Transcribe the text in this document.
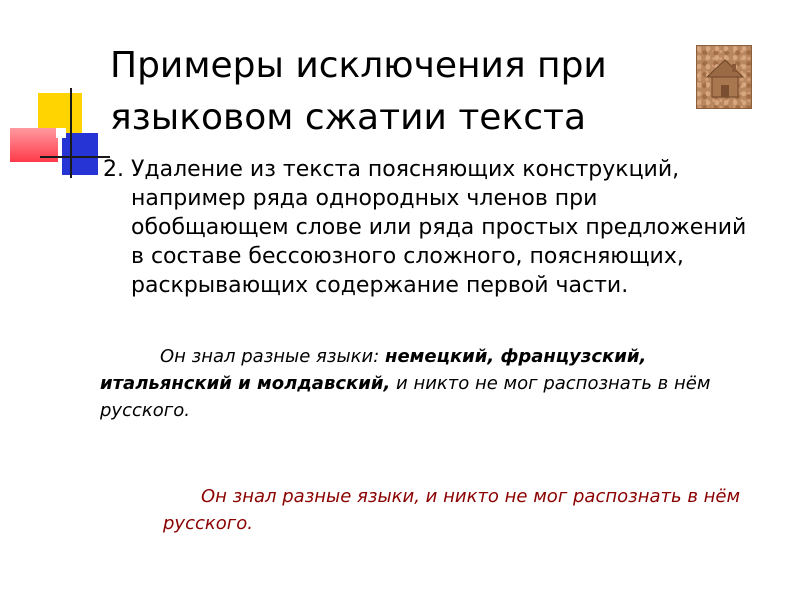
Примеры исключения при
языковом сжатии текста
2. Удаление из текста поясняющих конструкций, например ряда однородных членов при обобщающем слове или ряда простых предложений в составе бессоюзного сложного, поясняющих, раскрывающих содержание первой части.
Он знал разные языки: немецкий, французский, итальянский и молдавский, и никто не мог распознать в нём русского.
Он знал разные языки, и никто не мог распознать в нём русского.
